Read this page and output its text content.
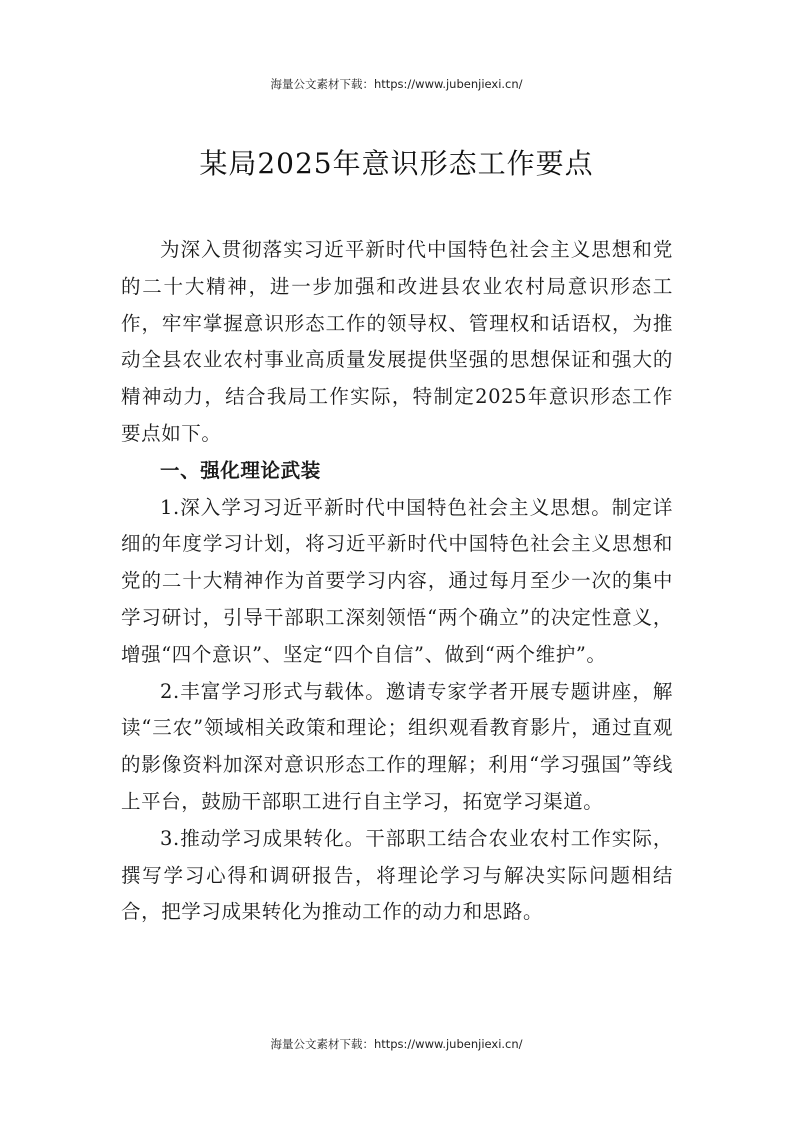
海量公文素材下载：https://www.jubenjiexi.cn/
某局2025年意识形态工作要点

为深入贯彻落实习近平新时代中国特色社会主义思想和党的二十大精神，进一步加强和改进县农业农村局意识形态工作，牢牢掌握意识形态工作的领导权、管理权和话语权，为推动全县农业农村事业高质量发展提供坚强的思想保证和强大的精神动力，结合我局工作实际，特制定2025年意识形态工作要点如下。

一、强化理论武装

1.深入学习习近平新时代中国特色社会主义思想。制定详细的年度学习计划，将习近平新时代中国特色社会主义思想和党的二十大精神作为首要学习内容，通过每月至少一次的集中学习研讨，引导干部职工深刻领悟“两个确立”的决定性意义，增强“四个意识”、坚定“四个自信”、做到“两个维护”。

2.丰富学习形式与载体。邀请专家学者开展专题讲座，解读“三农”领域相关政策和理论；组织观看教育影片，通过直观的影像资料加深对意识形态工作的理解；利用“学习强国”等线上平台，鼓励干部职工进行自主学习，拓宽学习渠道。

3.推动学习成果转化。干部职工结合农业农村工作实际，撰写学习心得和调研报告，将理论学习与解决实际问题相结合，把学习成果转化为推动工作的动力和思路。

海量公文素材下载：https://www.jubenjiexi.cn/
